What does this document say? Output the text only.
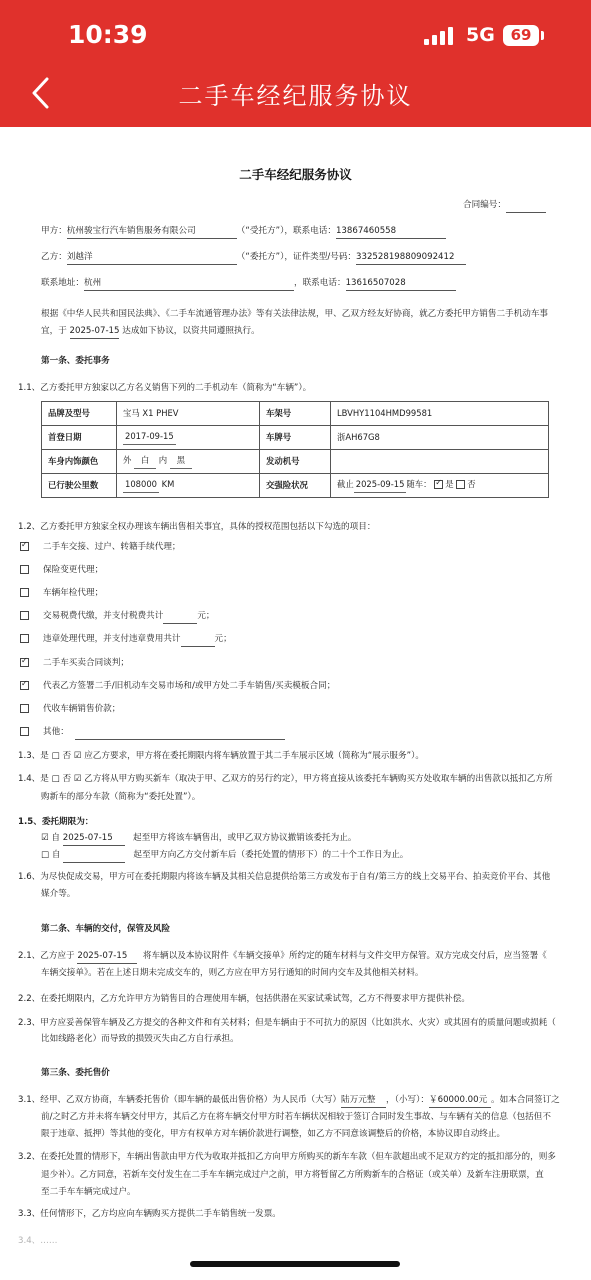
10:39	5G	69
二手车经纪服务协议
二手车经纪服务协议
合同编号：
甲方：杭州骏宝行汽车销售服务有限公司	（“受托方”），联系电话：13867460558
乙方：刘越洋	（“委托方”），证件类型/号码：332528198809092412
联系地址：杭州	，联系电话：13616507028
根据《中华人民共和国民法典》、《二手车流通管理办法》等有关法律法规，甲、乙双方经友好协商，就乙方委托甲方销售二手机动车事
宜，于 2025-07-15 达成如下协议，以资共同遵照执行。
第一条、委托事务
1.1、乙方委托甲方独家以乙方名义销售下列的二手机动车（简称为“车辆”）。
品牌及型号	宝马 X1 PHEV	车架号	LBVHY1104HMD99581
首登日期	2017-09-15	车牌号	浙AH67G8
车身内饰颜色	外 白 内 黑	发动机号	
已行驶公里数	108000 KM	交强险状况	截止 2025-09-15 随车： ✓ 是 否
1.2、乙方委托甲方独家全权办理该车辆出售相关事宜，具体的授权范围包括以下勾选的项目：
✓二手车交接、过户、转籍手续代理；
保险变更代理；
车辆年检代理；
交易税费代缴，并支付税费共计	元；
违章处理代理，并支付违章费用共计	元；
✓二手车买卖合同谈判；
✓代表乙方签署二手/旧机动车交易市场和/或甲方处二手车销售/买卖模板合同；
代收车辆销售价款；
其他：
1.3、是 □ 否 ☑ 应乙方要求，甲方将在委托期限内将车辆放置于其二手车展示区域（简称为“展示服务”）。
1.4、是 □ 否 ☑ 乙方将从甲方购买新车（取决于甲、乙双方的另行约定），甲方将直接从该委托车辆购买方处收取车辆的出售款以抵扣乙方所
购新车的部分车款（简称为“委托处置”）。
1.5、委托期限为：
☑ 自 2025-07-15 起至甲方将该车辆售出，或甲乙双方协议撤销该委托为止。
□ 自	起至甲方向乙方交付新车后（委托处置的情形下）的二十个工作日为止。
1.6、为尽快促成交易，甲方可在委托期限内将该车辆及其相关信息提供给第三方或发布于自有/第三方的线上交易平台、拍卖竞价平台、其他
媒介等。
第二条、车辆的交付，保管及风险
2.1、乙方应于 2025-07-15 将车辆以及本协议附件《车辆交接单》所约定的随车材料与文件交甲方保管。双方完成交付后，应当签署《
车辆交接单》。若在上述日期未完成交车的，则乙方应在甲方另行通知的时间内交车及其他相关材料。
2.2、在委托期限内，乙方允许甲方为销售目的合理使用车辆，包括供潜在买家试乘试驾，乙方不得要求甲方提供补偿。
2.3、甲方应妥善保管车辆及乙方提交的各种文件和有关材料；但是车辆由于不可抗力的原因（比如洪水、火灾）或其固有的质量问题或损耗（
比如线路老化）而导致的损毁灭失由乙方自行承担。
第三条、委托售价
3.1、经甲、乙双方协商，车辆委托售价（即车辆的最低出售价格）为人民币（大写）陆万元整 ，（小写）：￥60000.00元 。如本合同签订之
前/之时乙方并未将车辆交付甲方，其后乙方在将车辆交付甲方时若车辆状况相较于签订合同时发生事故、与车辆有关的信息（包括但不
限于违章、抵押）等其他的变化，甲方有权单方对车辆价款进行调整，如乙方不同意该调整后的价格，本协议即自动终止。
3.2、在委托处置的情形下，车辆出售款由甲方代为收取并抵扣乙方向甲方所购买的新车车款（但车款超出或不足双方约定的抵扣部分的，则多
退少补）。乙方同意，若新车交付发生在二手车车辆完成过户之前，甲方将暂留乙方所购新车的合格证（或关单）及新车注册联票，直
至二手车车辆完成过户。
3.3、任何情形下，乙方均应向车辆购买方提供二手车销售统一发票。
3.4、……
